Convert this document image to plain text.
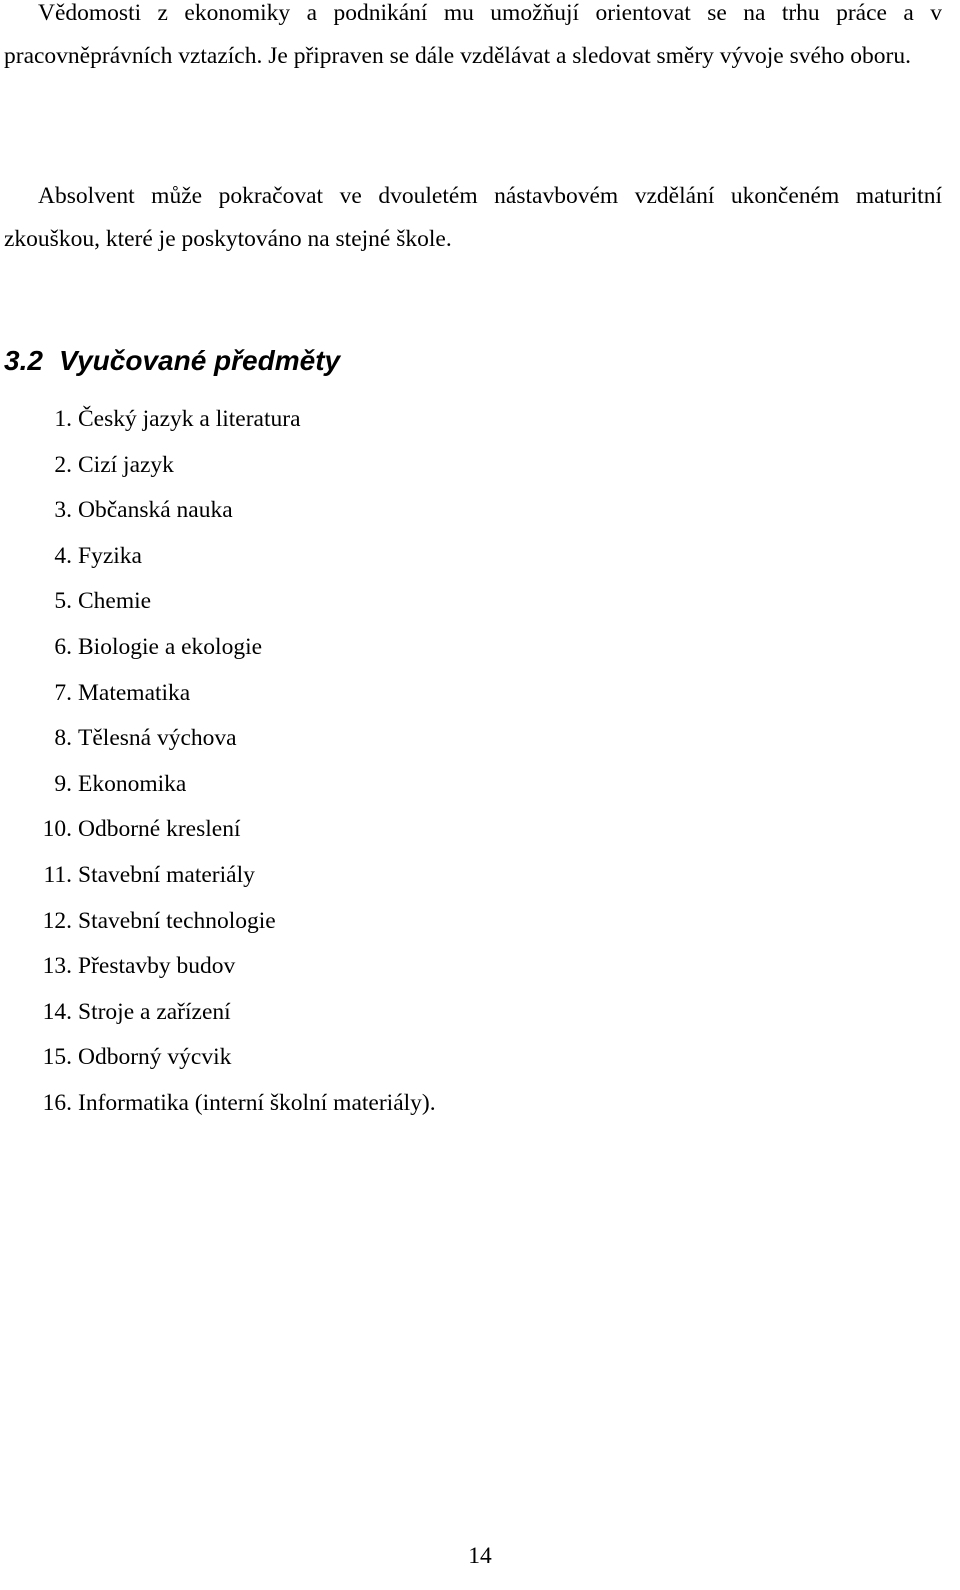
Vědomosti z ekonomiky a podnikání mu umožňují orientovat se na trhu práce a v pracovněprávních vztazích. Je připraven se dále vzdělávat a sledovat směry vývoje svého oboru.

Absolvent může pokračovat ve dvouletém nástavbovém vzdělání ukončeném maturitní zkouškou, které je poskytováno na stejné škole.

3.2 Vyučované předměty
1. Český jazyk a literatura
2. Cizí jazyk
3. Občanská nauka
4. Fyzika
5. Chemie
6. Biologie a ekologie
7. Matematika
8. Tělesná výchova
9. Ekonomika
10. Odborné kreslení
11. Stavební materiály
12. Stavební technologie
13. Přestavby budov
14. Stroje a zařízení
15. Odborný výcvik
16. Informatika (interní školní materiály).

14
